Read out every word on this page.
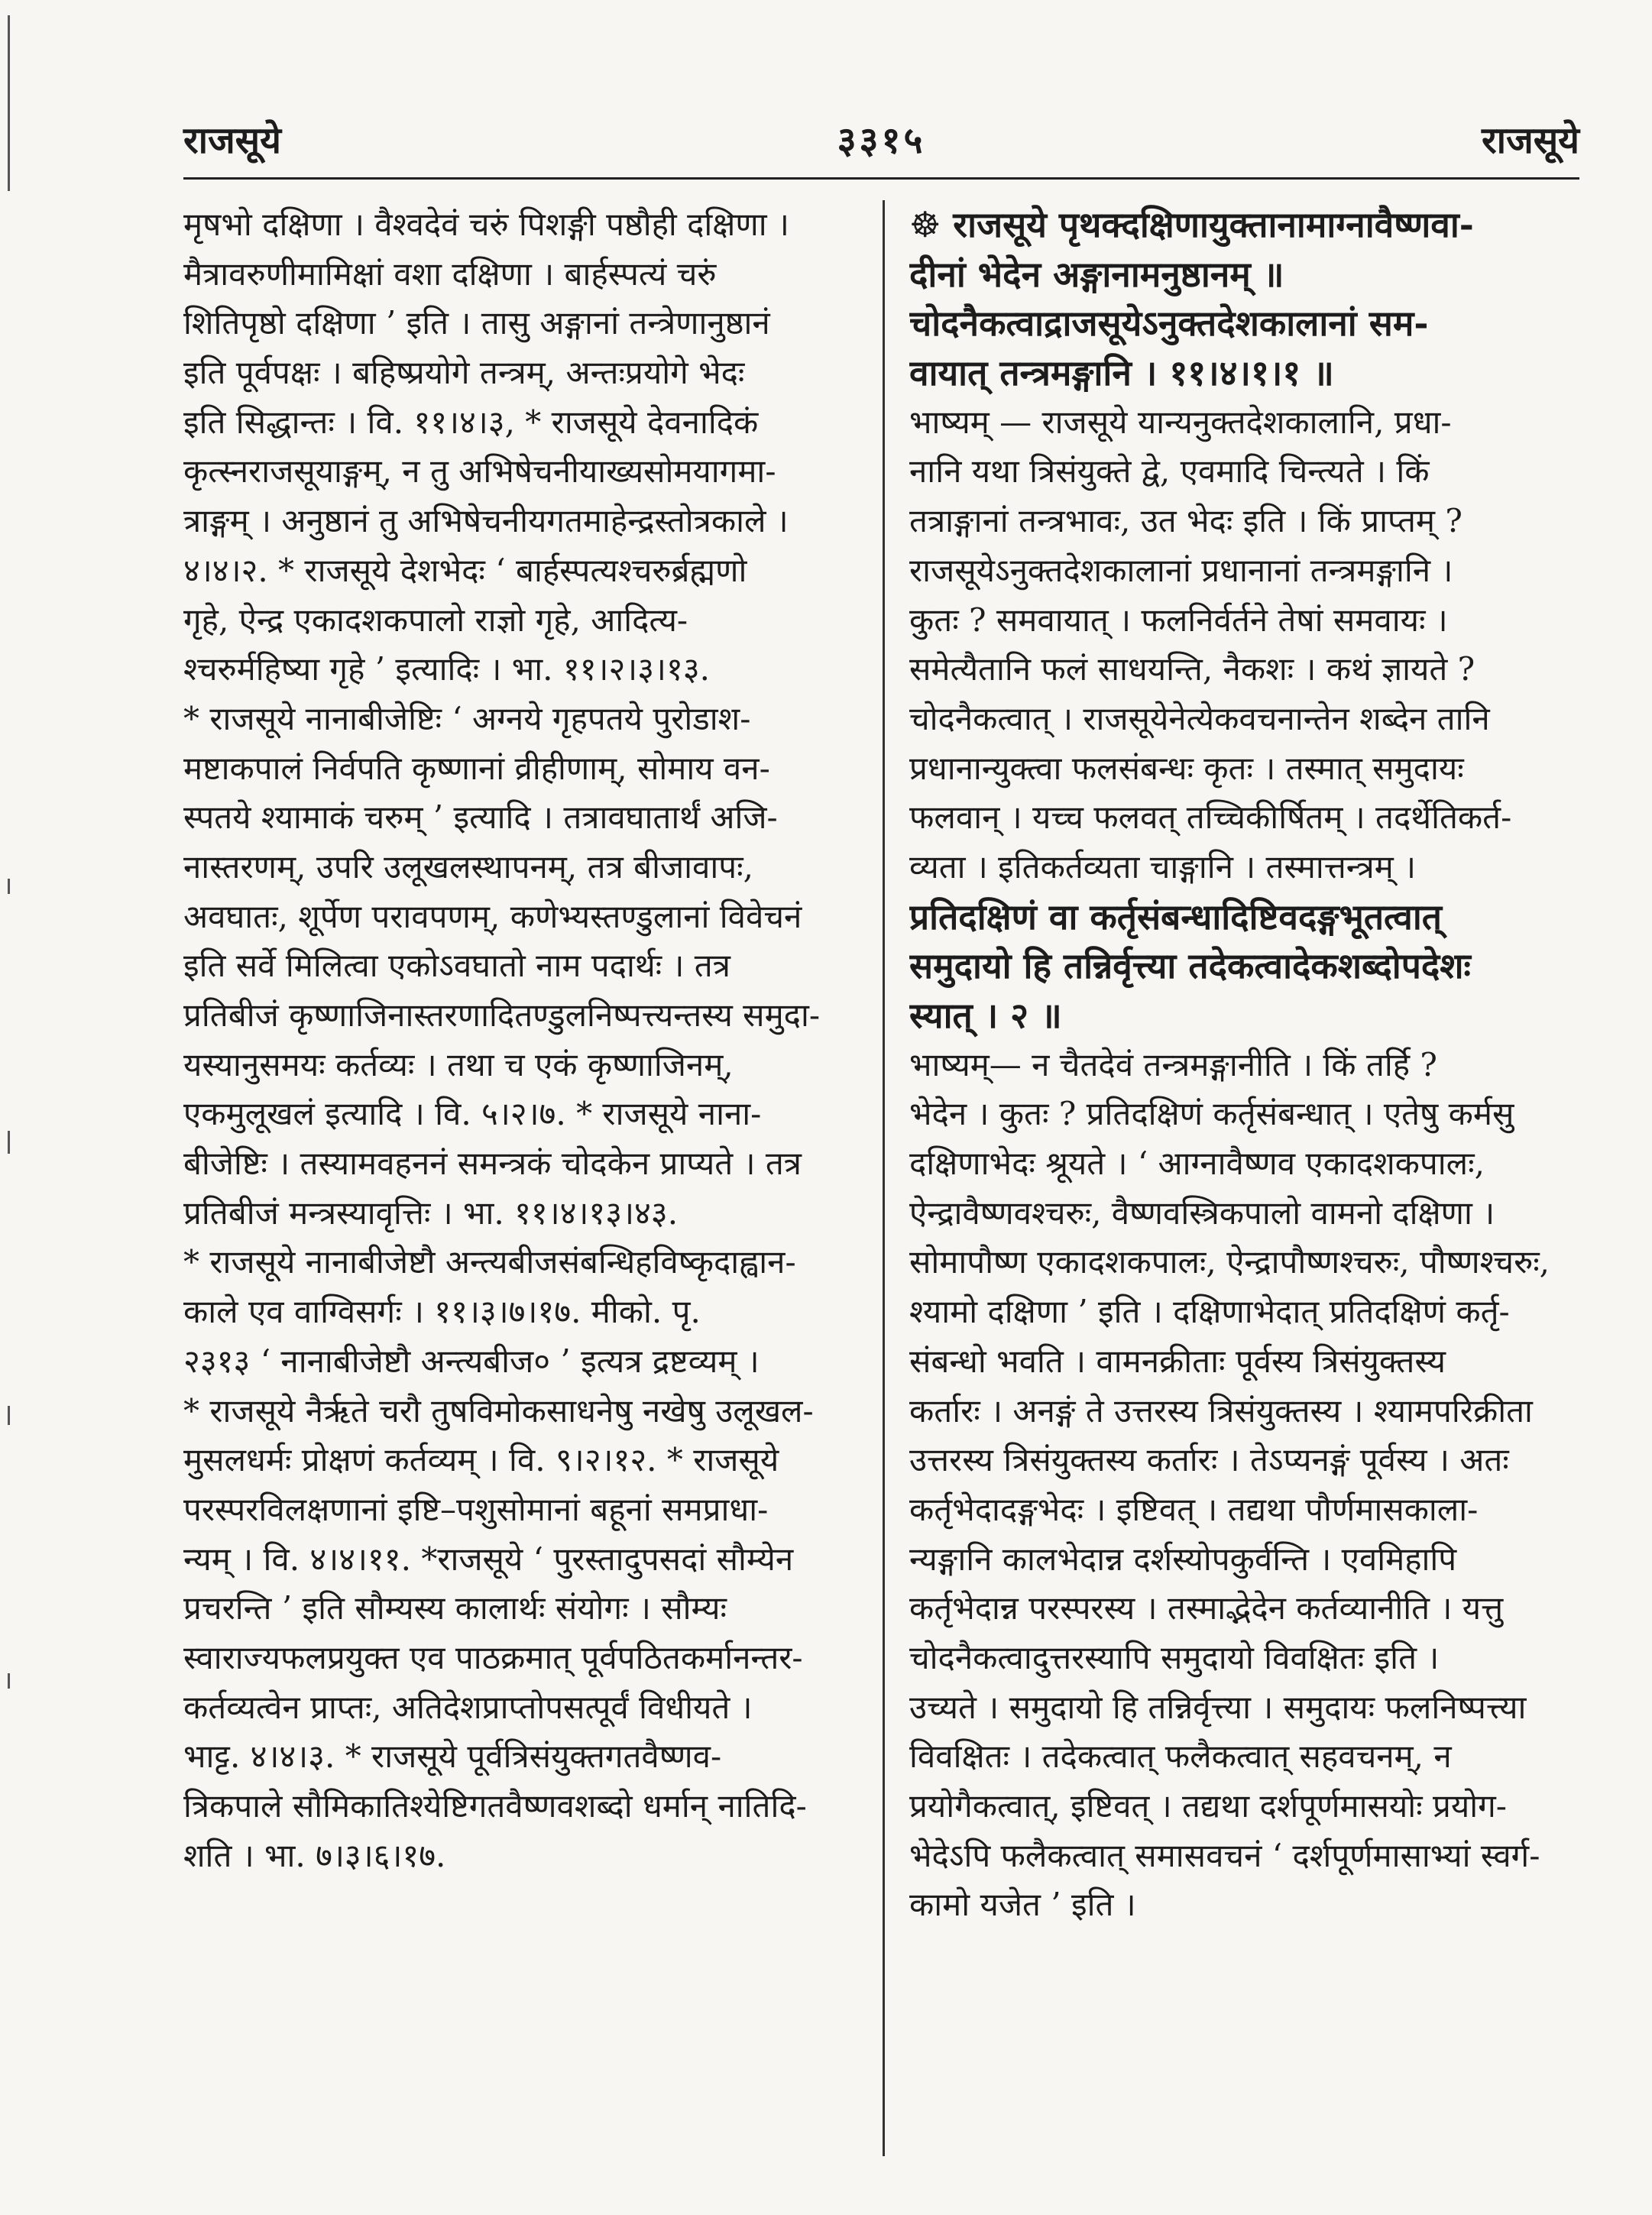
राजसूये	३३१५	राजसूये
मृषभो दक्षिणा । वैश्वदेवं चरुं पिशङ्गी पष्ठौही दक्षिणा ।
मैत्रावरुणीमामिक्षां वशा दक्षिणा । बार्हस्पत्यं चरुं
शितिपृष्ठो दक्षिणा ’ इति । तासु अङ्गानां तन्त्रेणानुष्ठानं
इति पूर्वपक्षः । बहिष्प्रयोगे तन्त्रम्, अन्तःप्रयोगे भेदः
इति सिद्धान्तः । वि. ११।४।३, * राजसूये देवनादिकं
कृत्स्नराजसूयाङ्गम्, न तु अभिषेचनीयाख्यसोमयागमा-
त्राङ्गम् । अनुष्ठानं तु अभिषेचनीयगतमाहेन्द्रस्तोत्रकाले ।
४।४।२. * राजसूये देशभेदः ‘ बार्हस्पत्यश्चरुर्ब्रह्मणो
गृहे, ऐन्द्र एकादशकपालो राज्ञो गृहे, आदित्य-
श्चरुर्महिष्या गृहे ’ इत्यादिः । भा. ११।२।३।१३.
* राजसूये नानाबीजेष्टिः ‘ अग्नये गृहपतये पुरोडाश-
मष्टाकपालं निर्वपति कृष्णानां व्रीहीणाम्, सोमाय वन-
स्पतये श्यामाकं चरुम् ’ इत्यादि । तत्रावघातार्थं अजि-
नास्तरणम्, उपरि उलूखलस्थापनम्, तत्र बीजावापः,
अवघातः, शूर्पेण परावपणम्, कणेभ्यस्तण्डुलानां विवेचनं
इति सर्वे मिलित्वा एकोऽवघातो नाम पदार्थः । तत्र
प्रतिबीजं कृष्णाजिनास्तरणादितण्डुलनिष्पत्त्यन्तस्य समुदा-
यस्यानुसमयः कर्तव्यः । तथा च एकं कृष्णाजिनम्,
एकमुलूखलं इत्यादि । वि. ५।२।७. * राजसूये नाना-
बीजेष्टिः । तस्यामवहननं समन्त्रकं चोदकेन प्राप्यते । तत्र
प्रतिबीजं मन्त्रस्यावृत्तिः । भा. ११।४।१३।४३.
* राजसूये नानाबीजेष्टौ अन्त्यबीजसंबन्धिहविष्कृदाह्वान-
काले एव वाग्विसर्गः । ११।३।७।१७. मीको. पृ.
२३१३ ‘ नानाबीजेष्टौ अन्त्यबीज० ’ इत्यत्र द्रष्टव्यम् ।
* राजसूये नैर्ऋते चरौ तुषविमोकसाधनेषु नखेषु उलूखल-
मुसलधर्मः प्रोक्षणं कर्तव्यम् । वि. ९।२।१२. * राजसूये
परस्परविलक्षणानां इष्टि–पशुसोमानां बहूनां समप्राधा-
न्यम् । वि. ४।४।११. *राजसूये ‘ पुरस्तादुपसदां सौम्येन
प्रचरन्ति ’ इति सौम्यस्य कालार्थः संयोगः । सौम्यः
स्वाराज्यफलप्रयुक्त एव पाठक्रमात् पूर्वपठितकर्मानन्तर-
कर्तव्यत्वेन प्राप्तः, अतिदेशप्राप्तोपसत्पूर्वं विधीयते ।
भाट्ट. ४।४।३. * राजसूये पूर्वत्रिसंयुक्तगतवैष्णव-
त्रिकपाले सौमिकातिश्येष्टिगतवैष्णवशब्दो धर्मान् नातिदि-
शति । भा. ७।३।६।१७.
☸ राजसूये पृथक्दक्षिणायुक्तानामाग्नावैष्णवा-
दीनां भेदेन अङ्गानामनुष्ठानम् ॥
चोदनैकत्वाद्राजसूयेऽनुक्तदेशकालानां सम-
वायात् तन्त्रमङ्गानि । ११।४।१।१ ॥
भाष्यम् — राजसूये यान्यनुक्तदेशकालानि, प्रधा-
नानि यथा त्रिसंयुक्ते द्वे, एवमादि चिन्त्यते । किं
तत्राङ्गानां तन्त्रभावः, उत भेदः इति । किं प्राप्तम् ?
राजसूयेऽनुक्तदेशकालानां प्रधानानां तन्त्रमङ्गानि ।
कुतः ? समवायात् । फलनिर्वर्तने तेषां समवायः ।
समेत्यैतानि फलं साधयन्ति, नैकशः । कथं ज्ञायते ?
चोदनैकत्वात् । राजसूयेनेत्येकवचनान्तेन शब्देन तानि
प्रधानान्युक्त्वा फलसंबन्धः कृतः । तस्मात् समुदायः
फलवान् । यच्च फलवत् तच्चिकीर्षितम् । तदर्थेतिकर्त-
व्यता । इतिकर्तव्यता चाङ्गानि । तस्मात्तन्त्रम् ।
प्रतिदक्षिणं वा कर्तृसंबन्धादिष्टिवदङ्गभूतत्वात्
समुदायो हि तन्निर्वृत्त्या तदेकत्वादेकशब्दोपदेशः
स्यात् । २ ॥
भाष्यम्— न चैतदेवं तन्त्रमङ्गानीति । किं तर्हि ?
भेदेन । कुतः ? प्रतिदक्षिणं कर्तृसंबन्धात् । एतेषु कर्मसु
दक्षिणाभेदः श्रूयते । ‘ आग्नावैष्णव एकादशकपालः,
ऐन्द्रावैष्णवश्चरुः, वैष्णवस्त्रिकपालो वामनो दक्षिणा ।
सोमापौष्ण एकादशकपालः, ऐन्द्रापौष्णश्चरुः, पौष्णश्चरुः,
श्यामो दक्षिणा ’ इति । दक्षिणाभेदात् प्रतिदक्षिणं कर्तृ-
संबन्धो भवति । वामनक्रीताः पूर्वस्य त्रिसंयुक्तस्य
कर्तारः । अनङ्गं ते उत्तरस्य त्रिसंयुक्तस्य । श्यामपरिक्रीता
उत्तरस्य त्रिसंयुक्तस्य कर्तारः । तेऽप्यनङ्गं पूर्वस्य । अतः
कर्तृभेदादङ्गभेदः । इष्टिवत् । तद्यथा पौर्णमासकाला-
न्यङ्गानि कालभेदान्न दर्शस्योपकुर्वन्ति । एवमिहापि
कर्तृभेदान्न परस्परस्य । तस्माद्भेदेन कर्तव्यानीति । यत्तु
चोदनैकत्वादुत्तरस्यापि समुदायो विवक्षितः इति ।
उच्यते । समुदायो हि तन्निर्वृत्त्या । समुदायः फलनिष्पत्त्या
विवक्षितः । तदेकत्वात् फलैकत्वात् सहवचनम्, न
प्रयोगैकत्वात्, इष्टिवत् । तद्यथा दर्शपूर्णमासयोः प्रयोग-
भेदेऽपि फलैकत्वात् समासवचनं ‘ दर्शपूर्णमासाभ्यां स्वर्ग-
कामो यजेत ’ इति ।
